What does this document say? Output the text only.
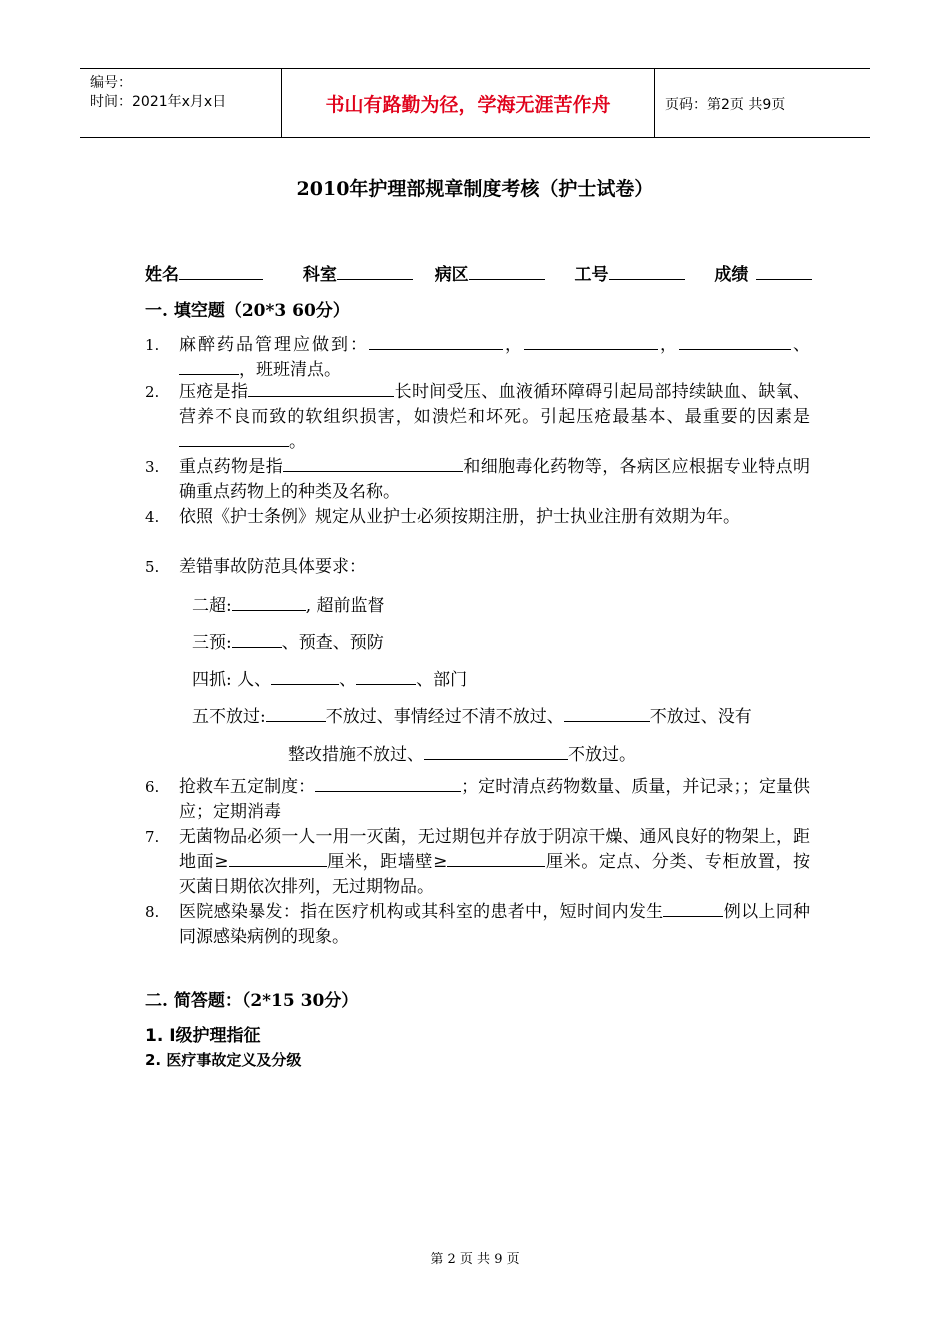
编号：
时间：2021年x月x日	书山有路勤为径，学海无涯苦作舟	页码：第2页 共9页
2010年护理部规章制度考核（护士试卷）
姓名	科室	病区	工号	成绩
一. 填空题（20*3 60分）
1. 麻醉药品管理应做到：	，	，	、，班班清点。
2. 压疮是指	长时间受压、血液循环障碍引起局部持续缺血、缺氧、营养不良而致的软组织损害，如溃烂和坏死。引起压疮最基本、最重要的因素是。
3. 重点药物是指	和细胞毒化药物等，各病区应根据专业特点明确重点药物上的种类及名称。
4. 依照《护士条例》规定从业护士必须按期注册，护士执业注册有效期为年。
5. 差错事故防范具体要求：
二超:	, 超前监督
三预:	、预查、预防
四抓: 人、	、	、部门
五不放过:	不放过、事情经过不清不放过、	不放过、没有
整改措施不放过、	不放过。
6. 抢救车五定制度：	；定时清点药物数量、质量，并记录；；定量供应；定期消毒
7. 无菌物品必须一人一用一灭菌，无过期包并存放于阴凉干燥、通风良好的物架上，距地面≥	厘米，距墙壁≥	厘米。定点、分类、专柜放置，按灭菌日期依次排列，无过期物品。
8. 医院感染暴发：指在医疗机构或其科室的患者中，短时间内发生	例以上同种同源感染病例的现象。
二. 简答题：（2*15 30分）
1. I级护理指征
2. 医疗事故定义及分级
第 2 页 共 9 页
